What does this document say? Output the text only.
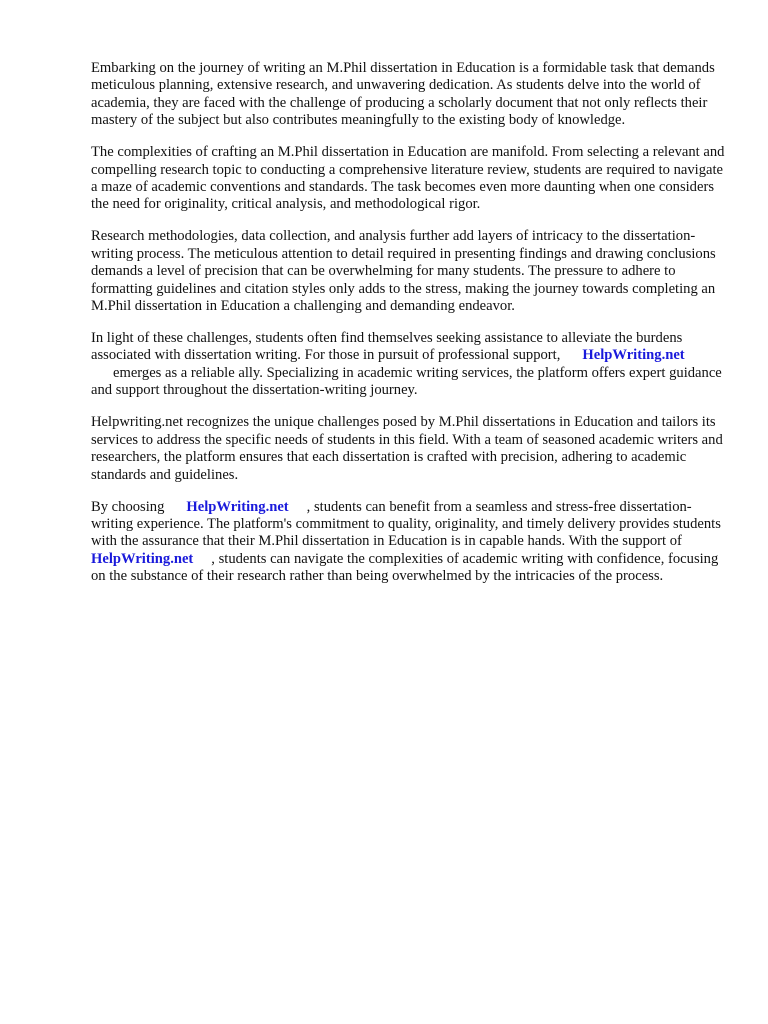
Embarking on the journey of writing an M.Phil dissertation in Education is a formidable task that demands meticulous planning, extensive research, and unwavering dedication. As students delve into the world of academia, they are faced with the challenge of producing a scholarly document that not only reflects their mastery of the subject but also contributes meaningfully to the existing body of knowledge.

The complexities of crafting an M.Phil dissertation in Education are manifold. From selecting a relevant and compelling research topic to conducting a comprehensive literature review, students are required to navigate a maze of academic conventions and standards. The task becomes even more daunting when one considers the need for originality, critical analysis, and methodological rigor.

Research methodologies, data collection, and analysis further add layers of intricacy to the dissertation-writing process. The meticulous attention to detail required in presenting findings and drawing conclusions demands a level of precision that can be overwhelming for many students. The pressure to adhere to formatting guidelines and citation styles only adds to the stress, making the journey towards completing an M.Phil dissertation in Education a challenging and demanding endeavor.

In light of these challenges, students often find themselves seeking assistance to alleviate the burdens associated with dissertation writing. For those in pursuit of professional support, HelpWriting.net
emerges as a reliable ally. Specializing in academic writing services, the platform offers expert guidance and support throughout the dissertation-writing journey.

Helpwriting.net recognizes the unique challenges posed by M.Phil dissertations in Education and tailors its services to address the specific needs of students in this field. With a team of seasoned academic writers and researchers, the platform ensures that each dissertation is crafted with precision, adhering to academic standards and guidelines.

By choosing HelpWriting.net , students can benefit from a seamless and stress-free dissertation-writing experience. The platform's commitment to quality, originality, and timely delivery provides students with the assurance that their M.Phil dissertation in Education is in capable hands. With the support ofHelpWriting.net , students can navigate the complexities of academic writing with confidence, focusing on the substance of their research rather than being overwhelmed by the intricacies of the process.
